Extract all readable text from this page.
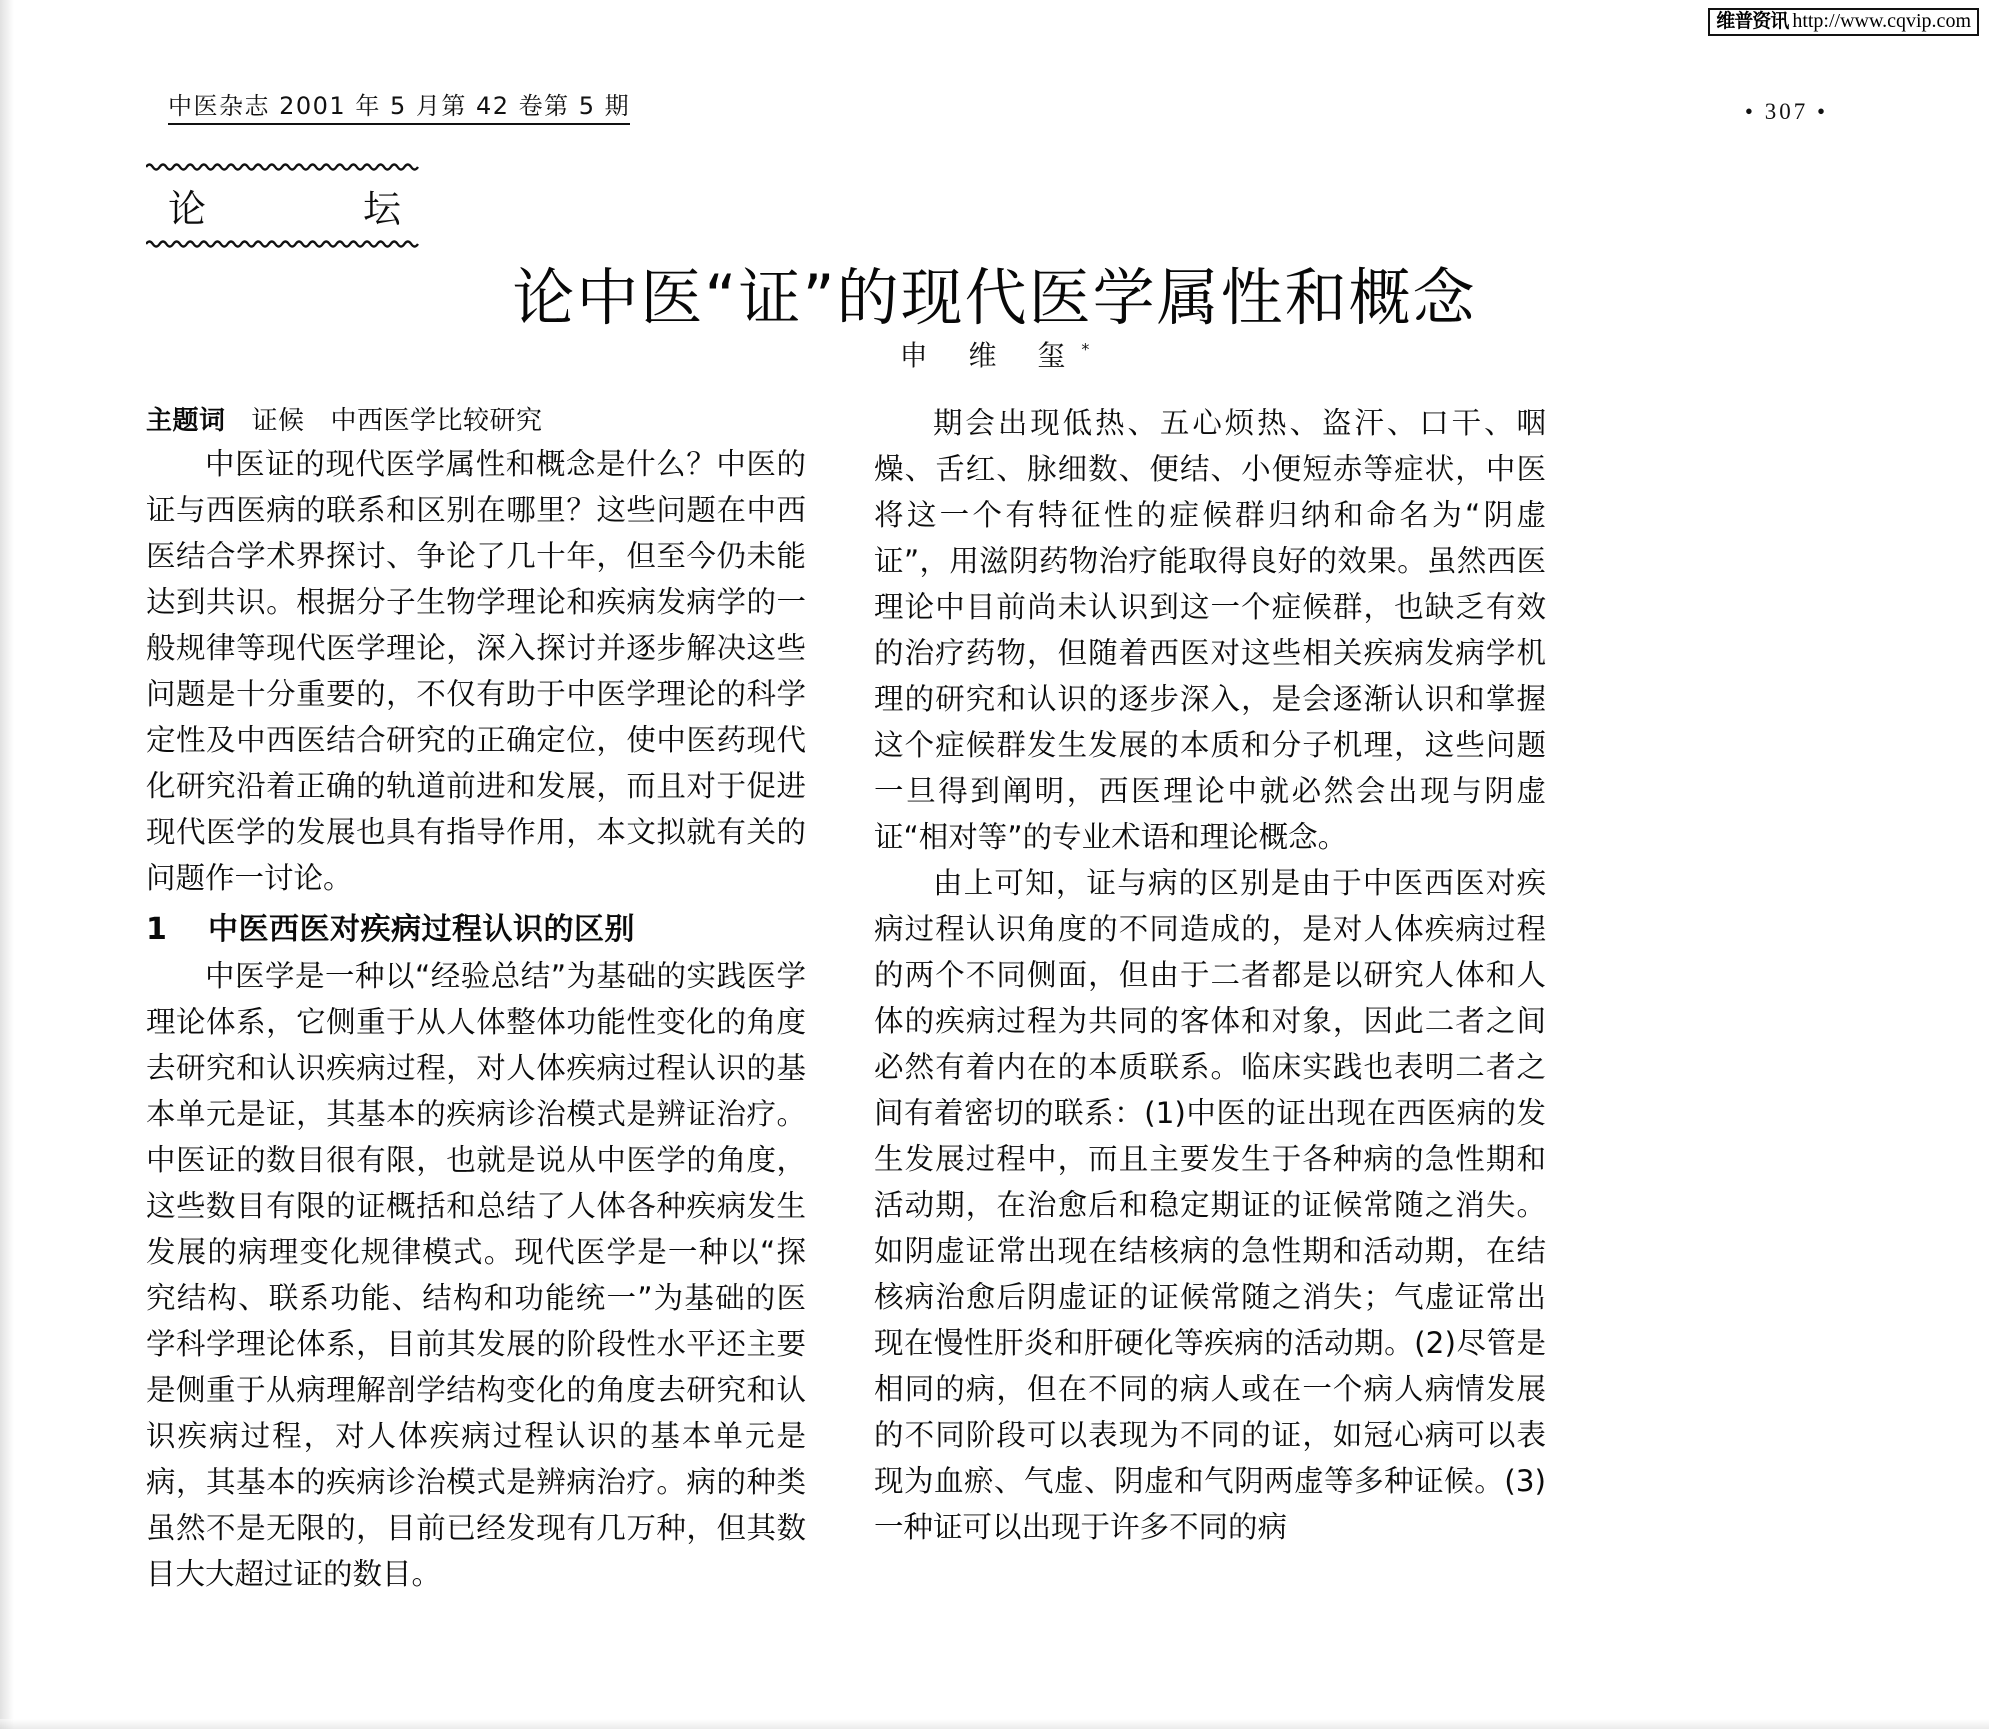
维普资讯 http://www.cqvip.com
中医杂志 2001 年 5 月第 42 卷第 5 期	• 307 •
论	坛
论中医“证”的现代医学属性和概念
申 维 玺*
主题词 证候 中西医学比较研究

中医证的现代医学属性和概念是什么？中医的证与西医病的联系和区别在哪里？这些问题在中西医结合学术界探讨、争论了几十年，但至今仍未能达到共识。根据分子生物学理论和疾病发病学的一般规律等现代医学理论，深入探讨并逐步解决这些问题是十分重要的，不仅有助于中医学理论的科学定性及中西医结合研究的正确定位，使中医药现代化研究沿着正确的轨道前进和发展，而且对于促进现代医学的发展也具有指导作用，本文拟就有关的问题作一讨论。

1	中医西医对疾病过程认识的区别

中医学是一种以“经验总结”为基础的实践医学理论体系，它侧重于从人体整体功能性变化的角度去研究和认识疾病过程，对人体疾病过程认识的基本单元是证，其基本的疾病诊治模式是辨证治疗。中医证的数目很有限，也就是说从中医学的角度，这些数目有限的证概括和总结了人体各种疾病发生发展的病理变化规律模式。现代医学是一种以“探究结构、联系功能、结构和功能统一”为基础的医学科学理论体系，目前其发展的阶段性水平还主要是侧重于从病理解剖学结构变化的角度去研究和认识疾病过程，对人体疾病过程认识的基本单元是病，其基本的疾病诊治模式是辨病治疗。病的种类虽然不是无限的，目前已经发现有几万种，但其数目大大超过证的数目。

期会出现低热、五心烦热、盗汗、口干、咽燥、舌红、脉细数、便结、小便短赤等症状，中医将这一个有特征性的症候群归纳和命名为“阴虚证”，用滋阴药物治疗能取得良好的效果。虽然西医理论中目前尚未认识到这一个症候群，也缺乏有效的治疗药物，但随着西医对这些相关疾病发病学机理的研究和认识的逐步深入，是会逐渐认识和掌握这个症候群发生发展的本质和分子机理，这些问题一旦得到阐明，西医理论中就必然会出现与阴虚证“相对等”的专业术语和理论概念。

由上可知，证与病的区别是由于中医西医对疾病过程认识角度的不同造成的，是对人体疾病过程的两个不同侧面，但由于二者都是以研究人体和人体的疾病过程为共同的客体和对象，因此二者之间必然有着内在的本质联系。临床实践也表明二者之间有着密切的联系：(1)中医的证出现在西医病的发生发展过程中，而且主要发生于各种病的急性期和活动期，在治愈后和稳定期证的证候常随之消失。如阴虚证常出现在结核病的急性期和活动期，在结核病治愈后阴虚证的证候常随之消失；气虚证常出现在慢性肝炎和肝硬化等疾病的活动期。(2)尽管是相同的病，但在不同的病人或在一个病人病情发展的不同阶段可以表现为不同的证，如冠心病可以表现为血瘀、气虚、阴虚和气阴两虚等多种证候。(3)一种证可以出现于许多不同的病
